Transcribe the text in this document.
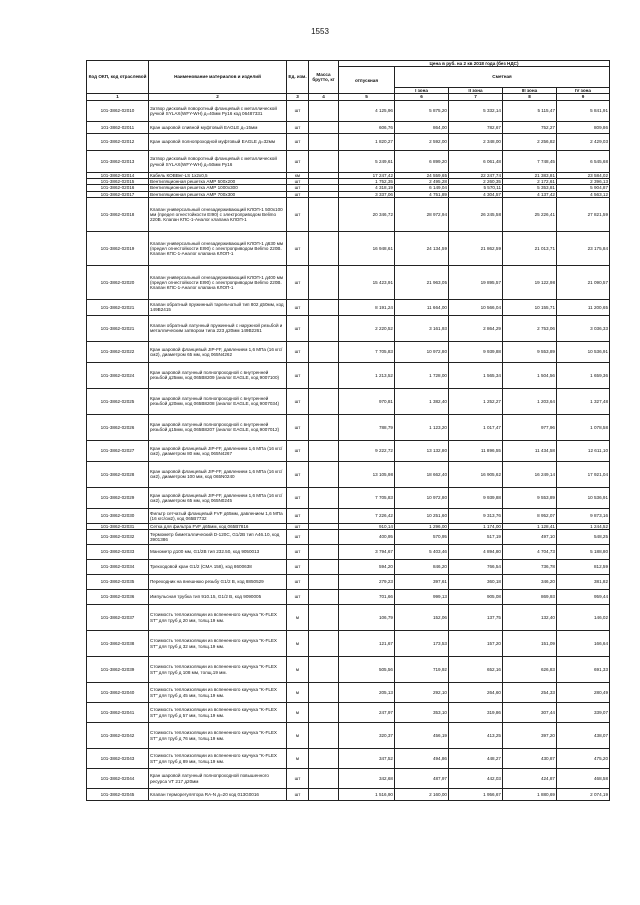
1553
Код ОКП, код отраслевой	Наименование материалов и изделий	Ед. изм.	Масса брутто, кг	Цена в руб. на 2 кв 2018 года (без НДС)				
				отпускная	Сметная			
					I зона	II зона	III зона	IV зона
1	2	3	4	5	6	7	8	9
101-3862-02010	Затвор дисковый поворотный фланцевый с металлической ручкой SYLAX(WFY-WH) д=40мм Ру16 код 06487331	шт		4 125,96	5 875,20	5 332,14	5 115,47	5 841,91
101-3862-02011	Кран шаровой сливной муфтовый EAGLE д=15мм	шт		606,76	864,00	782,67	752,27	809,86
101-3862-02012	Кран шаровой полнопроходной муфтовый EAGLE д=32мм	шт		1 820,27	2 592,00	2 348,00	2 256,82	2 429,03
101-3862-02013	Затвор дисковый поворотный фланцевый с металлической ручкой SYLAX(WFY-WH) д=50мм Ру16	шт		5 249,61	6 899,20	6 061,48	7 748,45	6 545,68
101-3862-02014	Кабель КОВВнг-LS 1х2х0,5	км		17 247,42	24 559,65	22 247,74	21 383,81	23 584,02
101-3862-02015	Вентиляционная решетка АМР 500х200	шт		1 752,35	2 495,28	2 260,35	2 172,61	2 396,13
101-3862-02016	Вентиляционная решетка АМР 1000х300	шт		4 318,19	6 149,04	5 570,11	5 353,81	5 904,87
101-3862-02017	Вентиляционная решетка АМР 700х300	шт		3 337,06	4 751,89	4 304,57	4 137,42	4 563,12
101-3862-02018	Клапан универсальный огнезадерживающий КЛОП-1 500х100 мм (предел огнестойкости EI90) с электроприводом Belimo 220В. Клапан КПС-1-Аналог клапана КЛОП-1	шт		20 346,72	28 972,94	26 245,58	25 226,41	27 821,59
101-3862-02019	Клапан универсальный огнезадерживающий КЛОП-1 д630 мм (предел огнестойкости EI90) с электроприводом Belimo 220В. Клапан КПС-1-Аналог клапана КЛОП-1	шт		16 948,61	24 134,59	21 862,59	21 013,71	23 175,84
101-3862-02020	Клапан универсальный огнезадерживающий КЛОП-1 д400 мм (предел огнестойкости EI90) с электроприводом Belimo 220В. Клапан КПС-1-Аналог клапана КЛОП-1	шт		15 423,91	21 963,05	19 895,57	19 122,98	21 090,57
101-3862-02021	Клапан обратный пружинный тарельчатый тип 802 д50мм, код 149В2415	шт		8 191,24	11 664,00	10 566,04	10 155,71	11 200,65
101-3862-02021	Клапан обратный латунный пружинный с наружной резьбой и металлическим затвором типа 223 д20мм 149В2261	шт		2 220,52	3 161,93	2 864,29	2 753,06	3 036,33
101-3862-02022	Кран шаровой фланцевый JIP-FF, давлением 1,6 МПа (16 кгс/см2), диаметром 65 мм, код 065N4262	шт		7 705,83	10 972,80	9 939,88	9 553,89	10 536,91
101-3862-02024	Кран шаровой латунный полнопроходной с внутренней резьбой д25мм, код 065В8209 (аналог EAGLE, код 9007100)	шт		1 213,52	1 728,00	1 565,34	1 504,56	1 659,36
101-3862-02025	Кран шаровой латунный полнопроходной с внутренней резьбой д20мм, код 065В8208 (аналог EAGLE, код 9007034)	шт		970,81	1 382,40	1 252,27	1 203,64	1 327,48
101-3862-02026	Кран шаровой латунный полнопроходной с внутренней резьбой д15мм, код 065В8207 (аналог EAGLE, код 9007012)	шт		788,79	1 123,20	1 017,47	977,96	1 078,58
101-3862-02027	Кран шаровой фланцевый JIP-FF, давлением 1,6 МПа (16 кгс/см2), диаметром 80 мм, код 065N4267	шт		9 222,72	13 132,80	11 896,55	11 434,58	12 611,10
101-3862-02028	Кран шаровой фланцевый JIP-FF, давлением 1,6 МПа (16 кгс/см2), диаметром 100 мм, код 065N0240	шт		13 105,98	18 662,40	16 905,62	16 249,14	17 921,04
101-3862-02029	Кран шаровой фланцевый JIP-FF, давлением 1,6 МПа (16 кгс/см2), диаметром 65 мм, код 065N0245	шт		7 705,83	10 972,80	9 939,88	9 553,89	10 536,91
101-3862-02030	Фильтр сетчатый фланцевый FVF д65мм, давлением 1,6 МПа (16 кгс/см2), код 065В7732	шт		7 226,42	10 251,60	9 313,76	8 952,07	9 873,16
101-3862-02031	Сетка для фильтра FVF д65мм, код 065В7816	шт		910,14	1 296,00	1 174,00	1 128,41	1 244,52
101-3862-02032	Термометр биметаллический D-120С, G1/2В тип А46.10, код 3901386	шт		400,95	570,95	517,19	497,10	548,25
101-3862-02033	Манометр д100 мм, G1/2В тип 232.50, код 9050013	шт		3 794,67	5 403,46	4 894,80	4 704,73	5 188,80
101-3862-02034	Трехходовой кран G1/2 (СМА 158), код 8600638	шт		594,20	846,20	766,54	736,78	812,59
101-3862-02035	Переходник на внешнюю резьбу G1/2 В, код 8850529	шт		279,23	397,61	360,18	346,20	381,82
101-3862-02036	Импульсная трубка тип 910.15, G1/2 В, код 9090005	шт		701,66	999,13	905,08	869,93	959,44
101-3862-02037	Стоимость теплоизоляции из вспененного каучука "K-FLEX ST" для труб д 20 мм, толщ.19 мм.	м		106,79	152,06	137,75	132,40	146,02
101-3862-02038	Стоимость теплоизоляции из вспененного каучука "K-FLEX ST" для труб д 32 мм, толщ.19 мм.	м		121,67	173,53	157,20	151,09	166,64
101-3862-02039	Стоимость теплоизоляции из вспененного каучука "K-FLEX ST" для труб д 108 мм, толщ.19 мм.	м		505,56	719,92	652,16	626,83	691,33
101-3862-02040	Стоимость теплоизоляции из вспененного каучука "K-FLEX ST" для труб д 45 мм, толщ.19 мм.	м		205,13	292,10	264,60	254,33	280,49
101-3862-02041	Стоимость теплоизоляции из вспененного каучука "K-FLEX ST" для труб д 57 мм, толщ.19 мм.	м		247,97	353,10	319,86	307,44	339,07
101-3862-02042	Стоимость теплоизоляции из вспененного каучука "K-FLEX ST" для труб д 76 мм, толщ.19 мм.	м		320,37	456,19	413,25	397,20	438,07
101-3862-02043	Стоимость теплоизоляции из вспененного каучука "K-FLEX ST" для труб д 89 мм, толщ.19 мм.	м		347,52	494,86	448,27	430,87	475,20
101-3862-02044	Кран шаровой латунный полнопроходной повышенного ресурса VT 217 д20мм	шт		342,68	487,97	442,03	424,87	468,58
101-3862-02045	Клапан терморегулятора RA-N д=20 код 013G0016	шт		1 516,90	2 160,00	1 956,67	1 880,69	2 074,19
